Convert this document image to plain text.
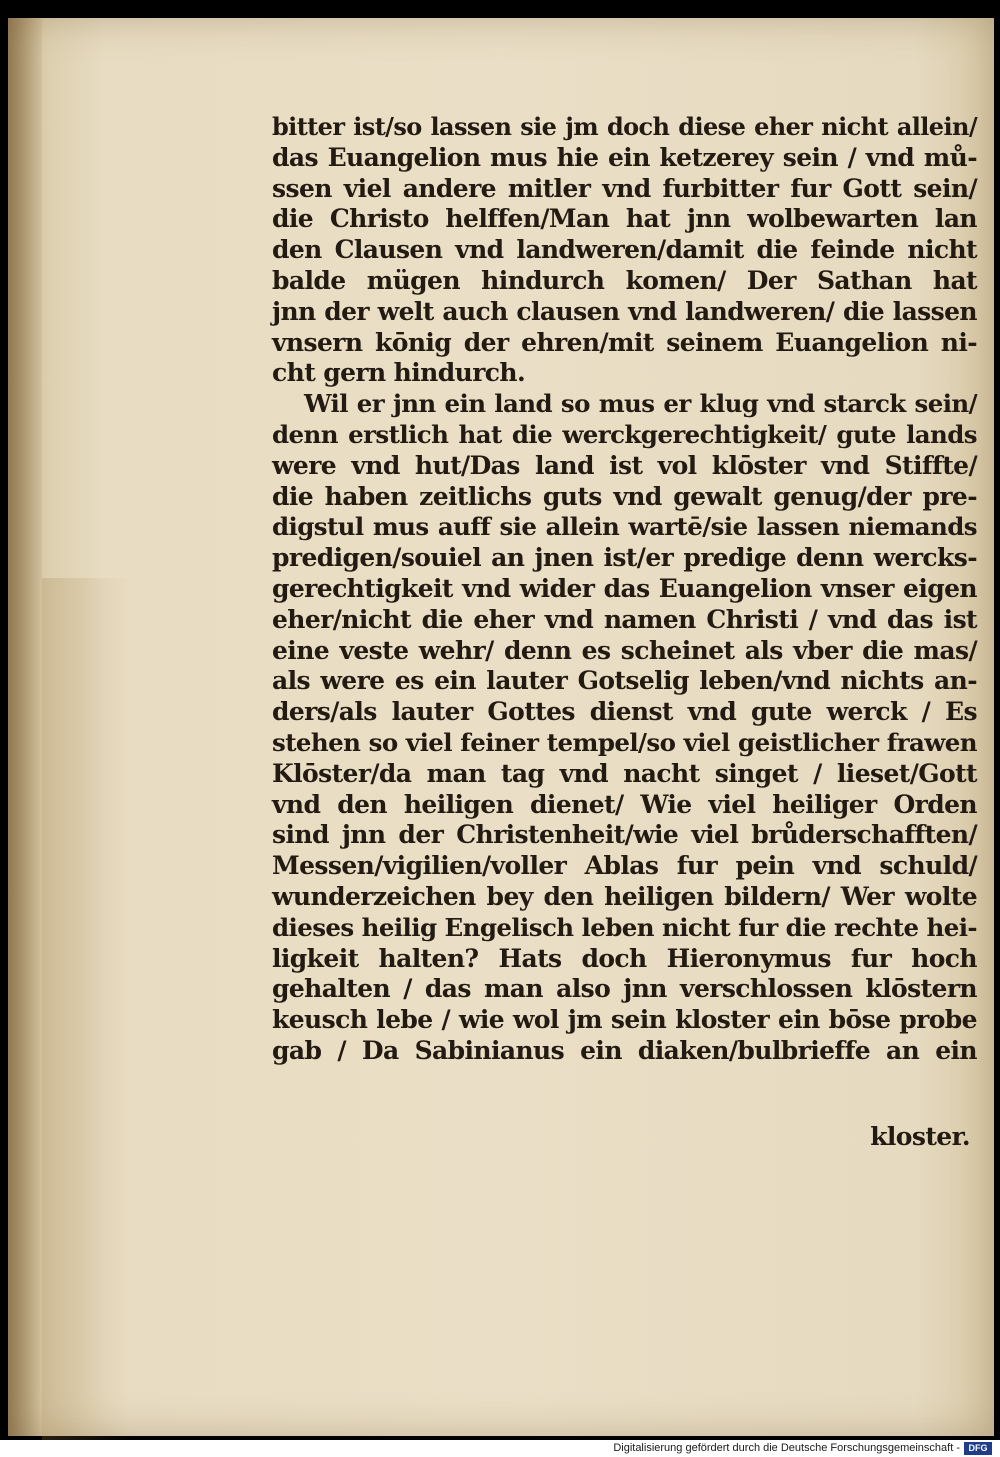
bitter ist/so lassen sie jm doch diese eher nicht allein/
das Euangelion mus hie ein ketzerey sein / vnd mů-
ssen viel andere mitler vnd furbitter fur Gott sein/
die Christo helffen/Man hat jnn wolbewarten lan
den Clausen vnd landweren/damit die feinde nicht
balde mügen hindurch komen/ Der Sathan hat
jnn der welt auch clausen vnd landweren/ die lassen
vnsern kōnig der ehren/mit seinem Euangelion ni-
cht gern hindurch.
Wil er jnn ein land so mus er klug vnd starck sein/
denn erstlich hat die werckgerechtigkeit/ gute lands
were vnd hut/Das land ist vol klōster vnd Stiffte/
die haben zeitlichs guts vnd gewalt genug/der pre-
digstul mus auff sie allein wartē/sie lassen niemands
predigen/souiel an jnen ist/er predige denn wercks-
gerechtigkeit vnd wider das Euangelion vnser eigen
eher/nicht die eher vnd namen Christi / vnd das ist
eine veste wehr/ denn es scheinet als vber die mas/
als were es ein lauter Gotselig leben/vnd nichts an-
ders/als lauter Gottes dienst vnd gute werck / Es
stehen so viel feiner tempel/so viel geistlicher frawen
Klōster/da man tag vnd nacht singet / lieset/Gott
vnd den heiligen dienet/ Wie viel heiliger Orden
sind jnn der Christenheit/wie viel brůderschafften/
Messen/vigilien/voller Ablas fur pein vnd schuld/
wunderzeichen bey den heiligen bildern/ Wer wolte
dieses heilig Engelisch leben nicht fur die rechte hei-
ligkeit halten? Hats doch Hieronymus fur hoch
gehalten / das man also jnn verschlossen klōstern
keusch lebe / wie wol jm sein kloster ein bōse probe
gab / Da Sabinianus ein diaken/bulbrieffe an ein
kloster.
Digitalisierung gefördert durch die Deutsche Forschungsgemeinschaft - DFG
